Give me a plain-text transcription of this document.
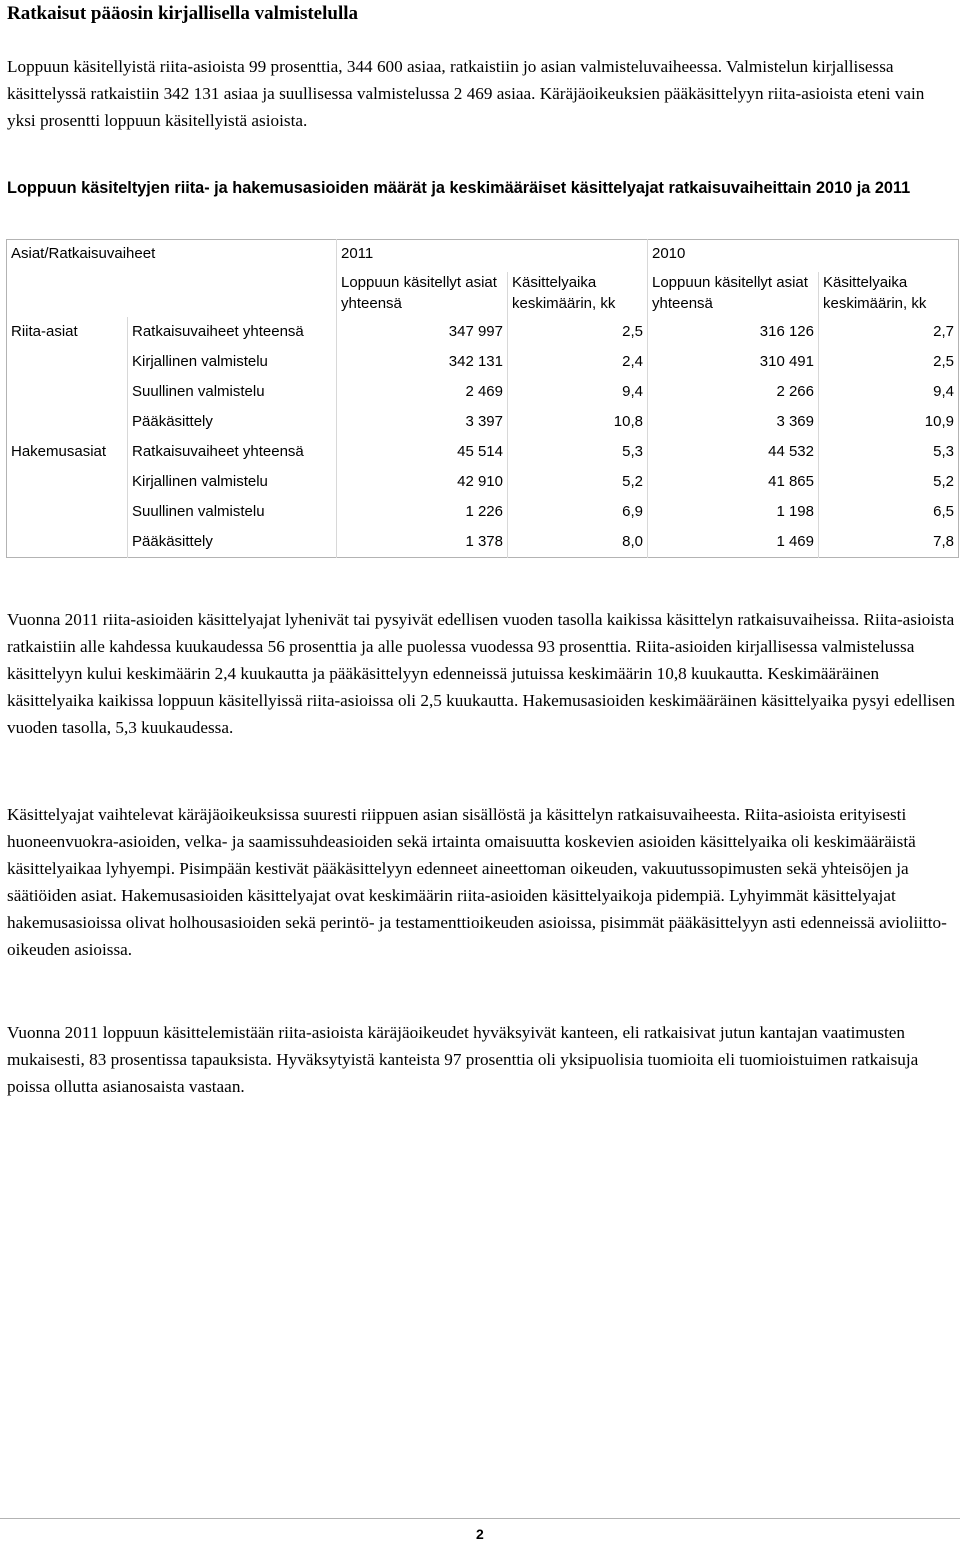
Ratkaisut pääosin kirjallisella valmistelulla

Loppuun käsitellyistä riita-asioista 99 prosenttia, 344 600 asiaa, ratkaistiin jo asian valmisteluvaiheessa. Valmistelun kirjallisessa käsittelyssä ratkaistiin 342 131 asiaa ja suullisessa valmistelussa 2 469 asiaa. Käräjäoikeuksien pääkäsittelyyn riita-asioista eteni vain yksi prosentti loppuun käsitellyistä asioista.

Loppuun käsiteltyjen riita- ja hakemusasioiden määrät ja keskimääräiset käsittelyajat ratkaisuvaiheittain 2010 ja 2011
Asiat/Ratkaisuvaiheet		2011		2010	
		Loppuun käsitellyt asiat yhteensä	Käsittelyaika keskimäärin, kk	Loppuun käsitellyt asiat yhteensä	Käsittelyaika keskimäärin, kk
Riita-asiat	Ratkaisuvaiheet yhteensä	347 997	2,5	316 126	2,7
	Kirjallinen valmistelu	342 131	2,4	310 491	2,5
	Suullinen valmistelu	2 469	9,4	2 266	9,4
	Pääkäsittely	3 397	10,8	3 369	10,9
Hakemusasiat	Ratkaisuvaiheet yhteensä	45 514	5,3	44 532	5,3
	Kirjallinen valmistelu	42 910	5,2	41 865	5,2
	Suullinen valmistelu	1 226	6,9	1 198	6,5
	Pääkäsittely	1 378	8,0	1 469	7,8

Vuonna 2011 riita-asioiden käsittelyajat lyhenivät tai pysyivät edellisen vuoden tasolla kaikissa käsittelyn ratkaisuvaiheissa. Riita-asioista ratkaistiin alle kahdessa kuukaudessa 56 prosenttia ja alle puolessa vuodessa 93 prosenttia. Riita-asioiden kirjallisessa valmistelussa käsittelyyn kului keskimäärin 2,4 kuukautta ja pääkäsittelyyn edenneissä jutuissa keskimäärin 10,8 kuukautta. Keskimääräinen käsittelyaika kaikissa loppuun käsitellyissä riita-asioissa oli 2,5 kuukautta. Hakemusasioiden keskimääräinen käsittelyaika pysyi edellisen vuoden tasolla, 5,3 kuukaudessa.

Käsittelyajat vaihtelevat käräjäoikeuksissa suuresti riippuen asian sisällöstä ja käsittelyn ratkaisuvaiheesta. Riita-asioista erityisesti huoneenvuokra-asioiden, velka- ja saamissuhdeasioiden sekä irtainta omaisuutta koskevien asioiden käsittelyaika oli keskimääräistä käsittelyaikaa lyhyempi. Pisimpään kestivät pääkäsittelyyn edenneet aineettoman oikeuden, vakuutussopimusten sekä yhteisöjen ja säätiöiden asiat. Hakemusasioiden käsittelyajat ovat keskimäärin riita-asioiden käsittelyaikoja pidempiä. Lyhyimmät käsittelyajat hakemusasioissa olivat holhousasioiden sekä perintö- ja testamenttioikeuden asioissa, pisimmät pääkäsittelyyn asti edenneissä avioliitto-oikeuden asioissa.

Vuonna 2011 loppuun käsittelemistään riita-asioista käräjäoikeudet hyväksyivät kanteen, eli ratkaisivat jutun kantajan vaatimusten mukaisesti, 83 prosentissa tapauksista. Hyväksytyistä kanteista 97 prosenttia oli yksipuolisia tuomioita eli tuomioistuimen ratkaisuja poissa ollutta asianosaista vastaan.

2
